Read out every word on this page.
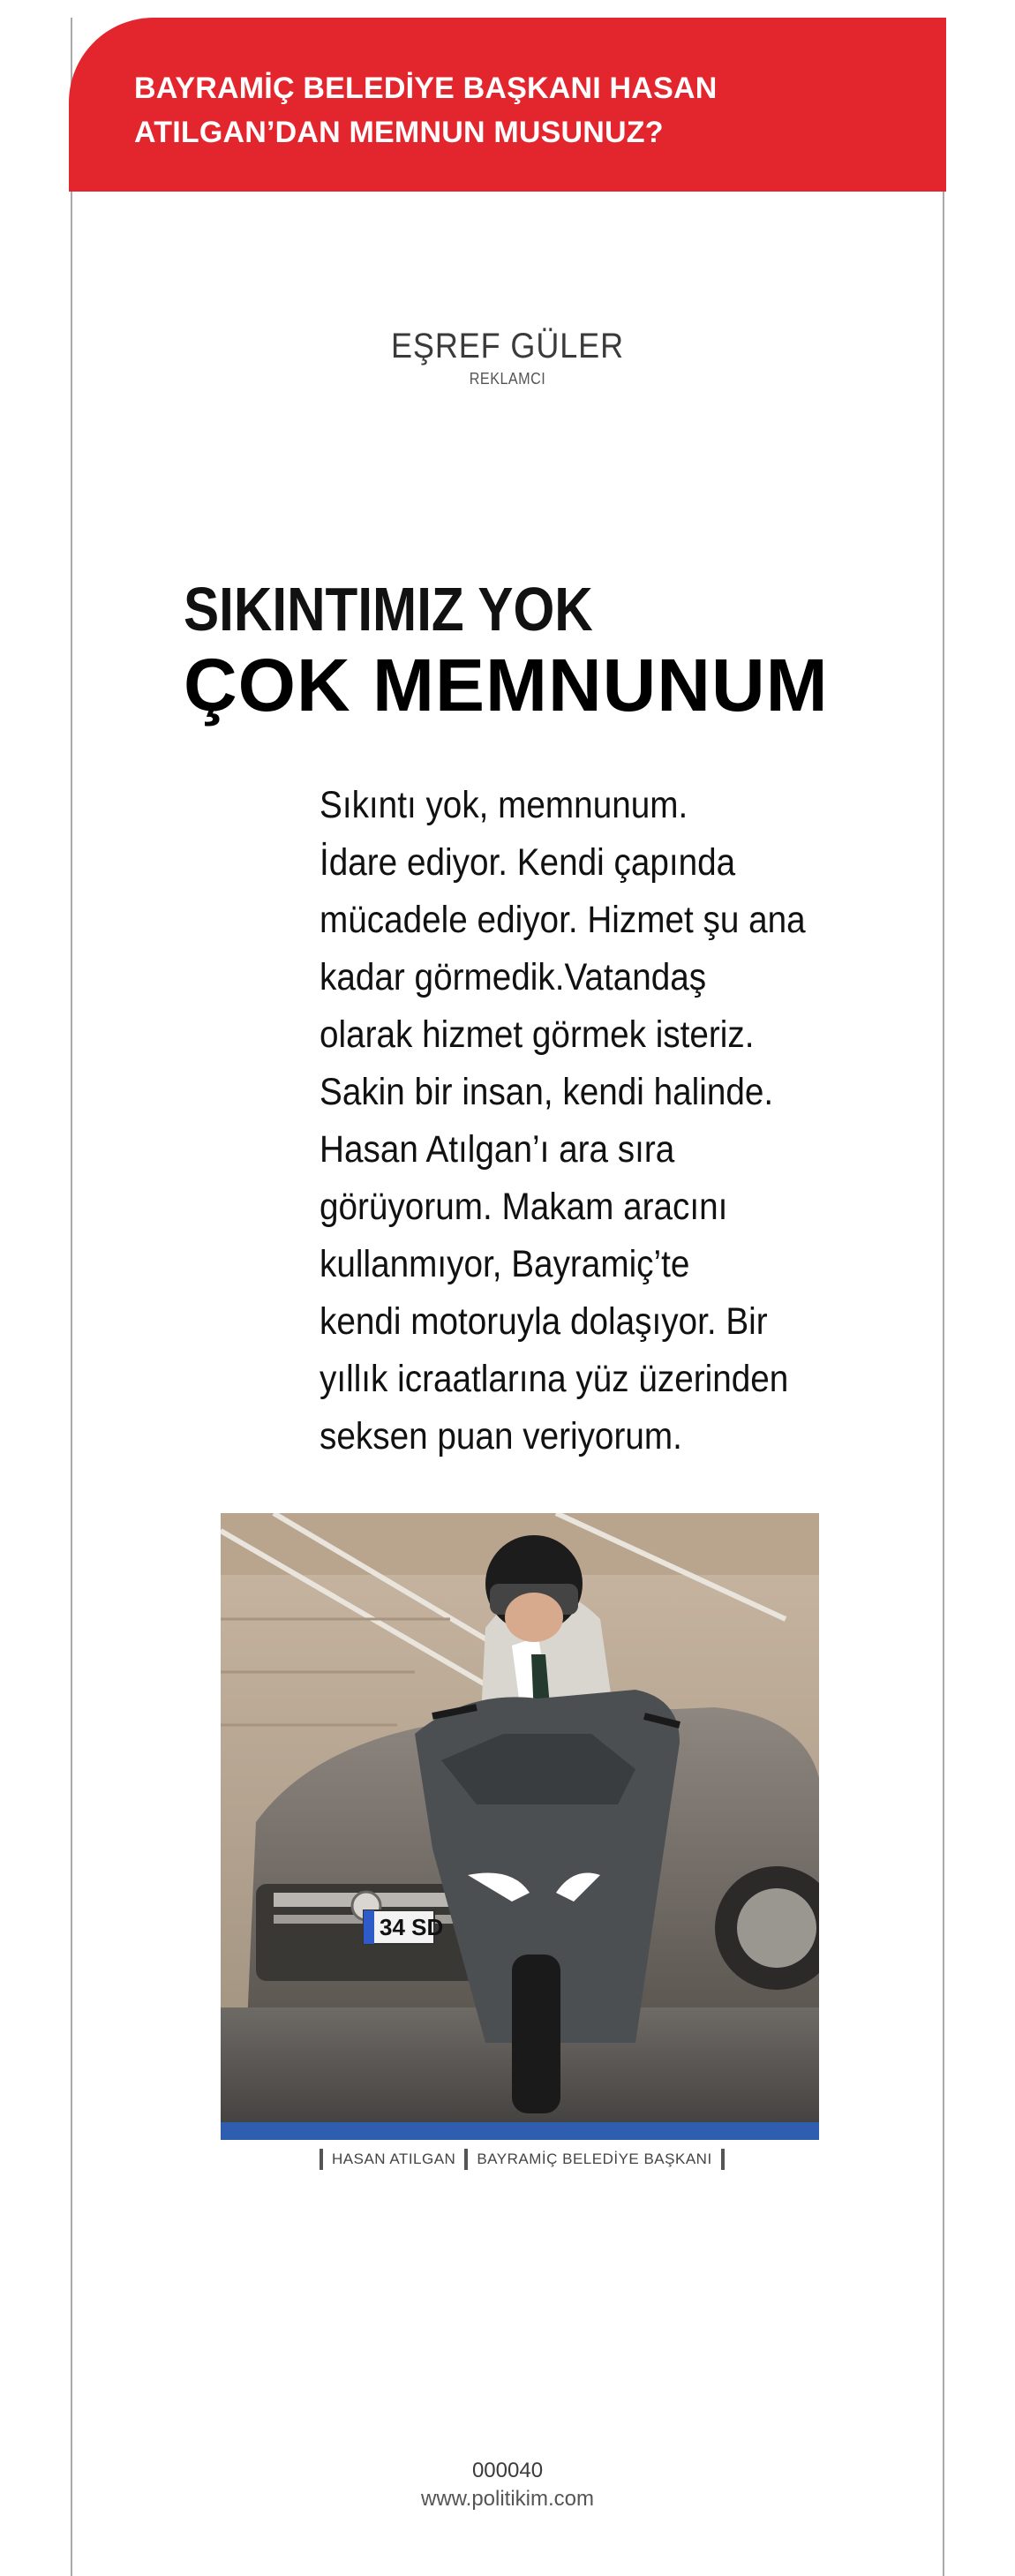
BAYRAMİÇ BELEDİYE BAŞKANI HASAN
ATILGAN’DAN MEMNUN MUSUNUZ?
EŞREF GÜLER
REKLAMCI
SIKINTIMIZ YOK
ÇOK MEMNUNUM
Sıkıntı yok, memnunum.
İdare ediyor. Kendi çapında
mücadele ediyor. Hizmet şu ana
kadar görmedik.Vatandaş
olarak hizmet görmek isteriz.
Sakin bir insan, kendi halinde.
Hasan Atılgan’ı ara sıra
görüyorum. Makam aracını
kullanmıyor, Bayramiç’te
kendi motoruyla dolaşıyor. Bir
yıllık icraatlarına yüz üzerinden
seksen puan veriyorum.
34 SD
HASAN ATILGAN BAYRAMİÇ BELEDİYE BAŞKANI
000040
www.politikim.com
